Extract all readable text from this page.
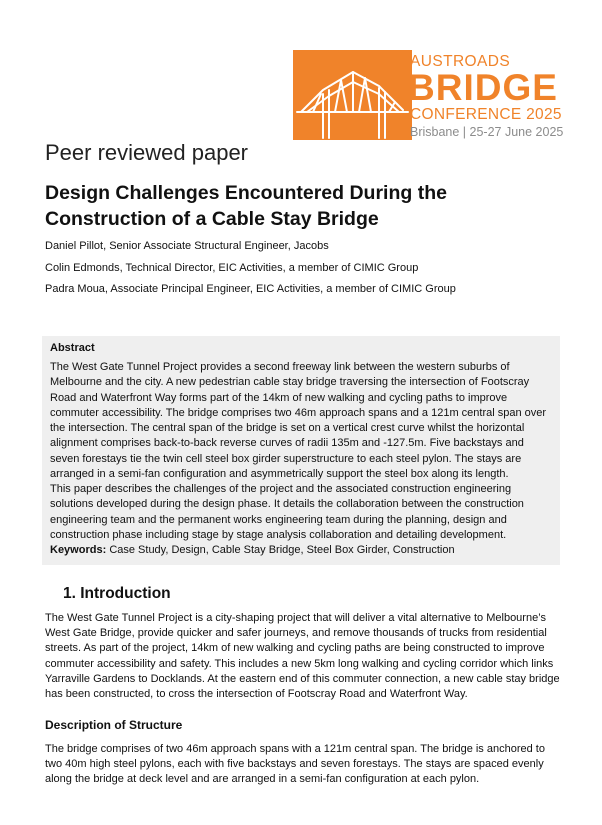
AUSTROADS
BRIDGE
CONFERENCE 2025
Brisbane | 25-27 June 2025
Peer reviewed paper
Design Challenges Encountered During the Construction of a Cable Stay Bridge
Daniel Pillot, Senior Associate Structural Engineer, Jacobs
Colin Edmonds, Technical Director, EIC Activities, a member of CIMIC Group
Padra Moua, Associate Principal Engineer, EIC Activities, a member of CIMIC Group
Abstract
The West Gate Tunnel Project provides a second freeway link between the western suburbs of Melbourne and the city. A new pedestrian cable stay bridge traversing the intersection of Footscray Road and Waterfront Way forms part of the 14km of new walking and cycling paths to improve commuter accessibility. The bridge comprises two 46m approach spans and a 121m central span over the intersection. The central span of the bridge is set on a vertical crest curve whilst the horizontal alignment comprises back-to-back reverse curves of radii 135m and -127.5m. Five backstays and seven forestays tie the twin cell steel box girder superstructure to each steel pylon. The stays are arranged in a semi-fan configuration and asymmetrically support the steel box along its length.
This paper describes the challenges of the project and the associated construction engineering solutions developed during the design phase. It details the collaboration between the construction engineering team and the permanent works engineering team during the planning, design and construction phase including stage by stage analysis collaboration and detailing development.
Keywords: Case Study, Design, Cable Stay Bridge, Steel Box Girder, Construction
1. Introduction
The West Gate Tunnel Project is a city-shaping project that will deliver a vital alternative to Melbourne’s West Gate Bridge, provide quicker and safer journeys, and remove thousands of trucks from residential streets. As part of the project, 14km of new walking and cycling paths are being constructed to improve commuter accessibility and safety. This includes a new 5km long walking and cycling corridor which links Yarraville Gardens to Docklands. At the eastern end of this commuter connection, a new cable stay bridge has been constructed, to cross the intersection of Footscray Road and Waterfront Way.
Description of Structure
The bridge comprises of two 46m approach spans with a 121m central span. The bridge is anchored to two 40m high steel pylons, each with five backstays and seven forestays. The stays are spaced evenly along the bridge at deck level and are arranged in a semi-fan configuration at each pylon.
